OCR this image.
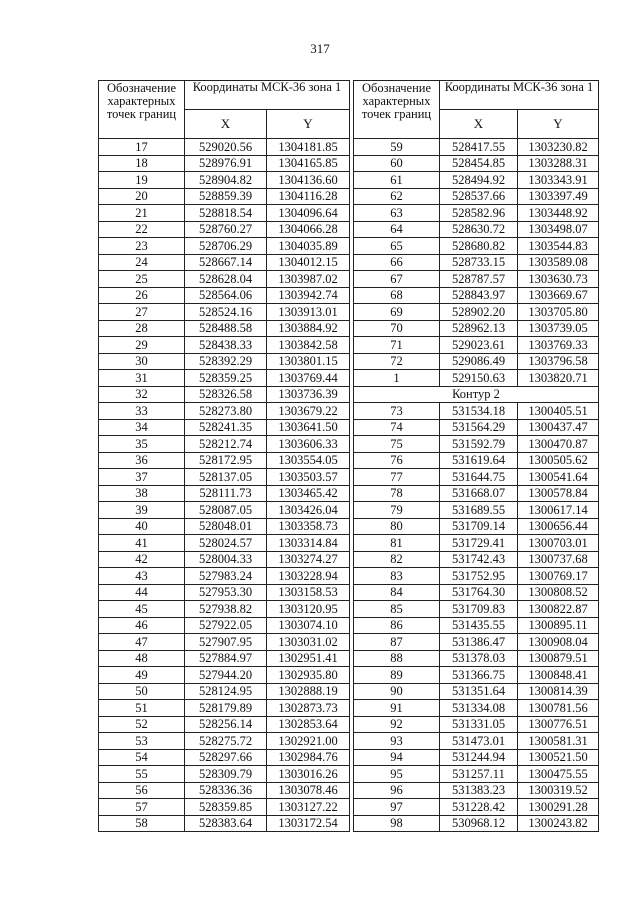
317
Обозначение характерных точек границ	Координаты МСК-36 зона 1			Обозначение характерных точек границ	Координаты МСК-36 зона 1	
	X	Y			X	Y
17	529020.56	1304181.85		59	528417.55	1303230.82
18	528976.91	1304165.85		60	528454.85	1303288.31
19	528904.82	1304136.60		61	528494.92	1303343.91
20	528859.39	1304116.28		62	528537.66	1303397.49
21	528818.54	1304096.64		63	528582.96	1303448.92
22	528760.27	1304066.28		64	528630.72	1303498.07
23	528706.29	1304035.89		65	528680.82	1303544.83
24	528667.14	1304012.15		66	528733.15	1303589.08
25	528628.04	1303987.02		67	528787.57	1303630.73
26	528564.06	1303942.74		68	528843.97	1303669.67
27	528524.16	1303913.01		69	528902.20	1303705.80
28	528488.58	1303884.92		70	528962.13	1303739.05
29	528438.33	1303842.58		71	529023.61	1303769.33
30	528392.29	1303801.15		72	529086.49	1303796.58
31	528359.25	1303769.44		1	529150.63	1303820.71
32	528326.58	1303736.39		Контур 2		
33	528273.80	1303679.22		73	531534.18	1300405.51
34	528241.35	1303641.50		74	531564.29	1300437.47
35	528212.74	1303606.33		75	531592.79	1300470.87
36	528172.95	1303554.05		76	531619.64	1300505.62
37	528137.05	1303503.57		77	531644.75	1300541.64
38	528111.73	1303465.42		78	531668.07	1300578.84
39	528087.05	1303426.04		79	531689.55	1300617.14
40	528048.01	1303358.73		80	531709.14	1300656.44
41	528024.57	1303314.84		81	531729.41	1300703.01
42	528004.33	1303274.27		82	531742.43	1300737.68
43	527983.24	1303228.94		83	531752.95	1300769.17
44	527953.30	1303158.53		84	531764.30	1300808.52
45	527938.82	1303120.95		85	531709.83	1300822.87
46	527922.05	1303074.10		86	531435.55	1300895.11
47	527907.95	1303031.02		87	531386.47	1300908.04
48	527884.97	1302951.41		88	531378.03	1300879.51
49	527944.20	1302935.80		89	531366.75	1300848.41
50	528124.95	1302888.19		90	531351.64	1300814.39
51	528179.89	1302873.73		91	531334.08	1300781.56
52	528256.14	1302853.64		92	531331.05	1300776.51
53	528275.72	1302921.00		93	531473.01	1300581.31
54	528297.66	1302984.76		94	531244.94	1300521.50
55	528309.79	1303016.26		95	531257.11	1300475.55
56	528336.36	1303078.46		96	531383.23	1300319.52
57	528359.85	1303127.22		97	531228.42	1300291.28
58	528383.64	1303172.54		98	530968.12	1300243.82
